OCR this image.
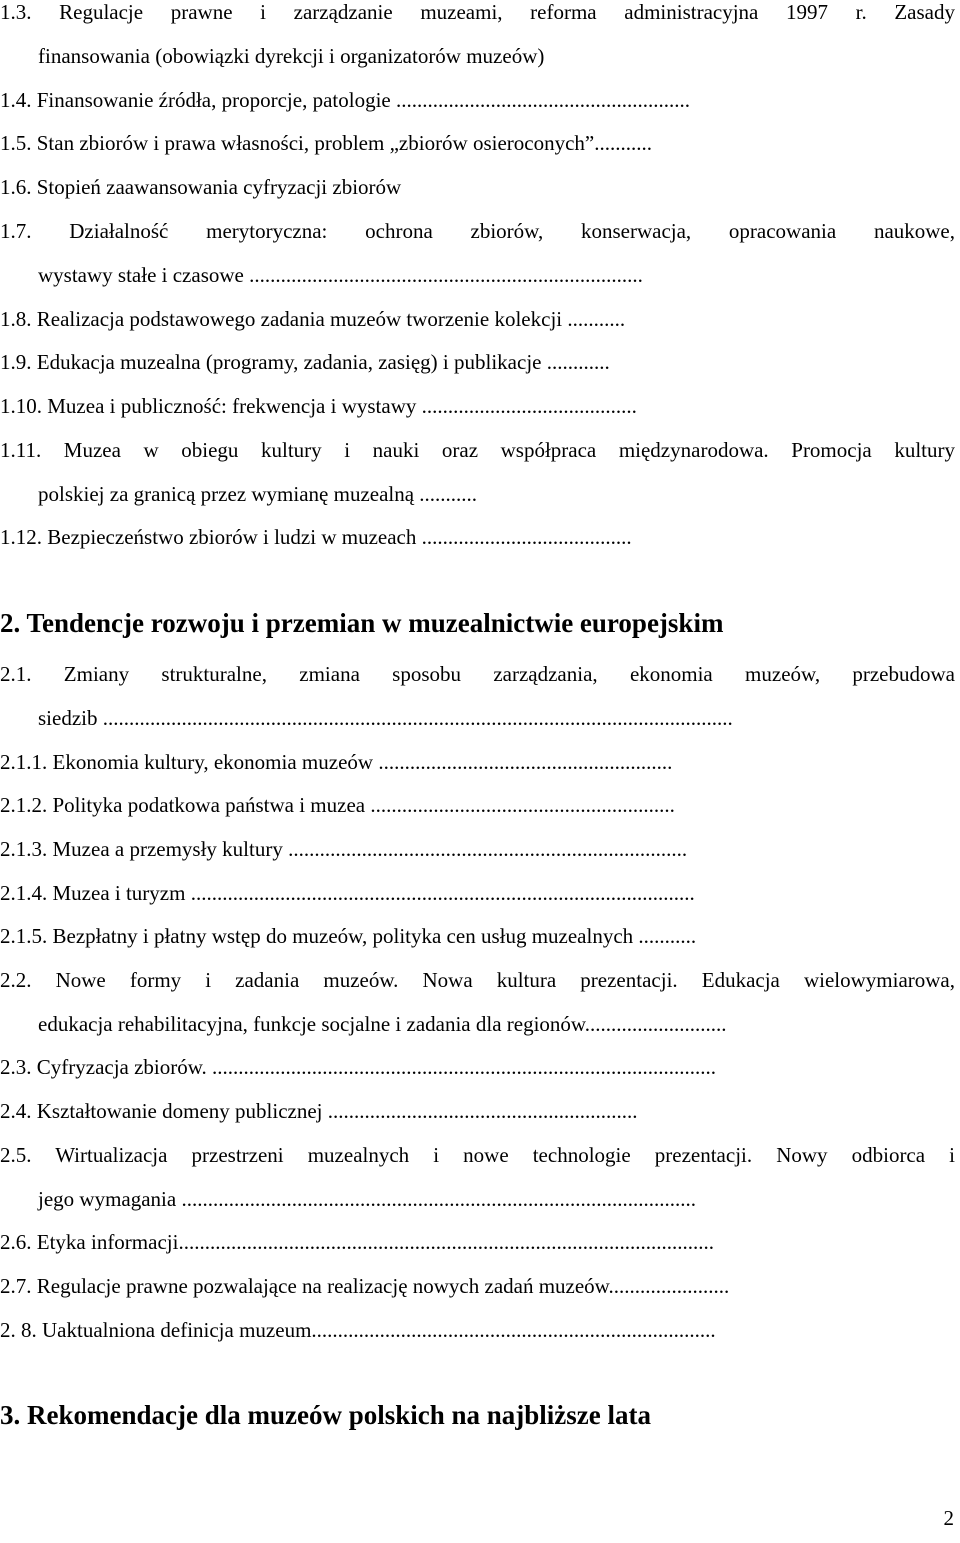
1.3. Regulacje prawne i zarządzanie muzeami, reforma administracyjna 1997 r. Zasady
finansowania (obowiązki dyrekcji i organizatorów muzeów)
1.4. Finansowanie źródła, proporcje, patologie ........................................................
1.5. Stan zbiorów i prawa własności, problem „zbiorów osieroconych”...........
1.6. Stopień zaawansowania cyfryzacji zbiorów
1.7. Działalność merytoryczna: ochrona zbiorów, konserwacja, opracowania naukowe,
wystawy stałe i czasowe ...........................................................................
1.8. Realizacja podstawowego zadania muzeów tworzenie kolekcji ...........
1.9. Edukacja muzealna (programy, zadania, zasięg) i publikacje ............
1.10. Muzea i publiczność: frekwencja i wystawy .........................................
1.11. Muzea w obiegu kultury i nauki oraz współpraca międzynarodowa. Promocja kultury
polskiej za granicą przez wymianę muzealną ...........
1.12. Bezpieczeństwo zbiorów i ludzi w muzeach ........................................
2. Tendencje rozwoju i przemian w muzealnictwie europejskim
2.1. Zmiany strukturalne, zmiana sposobu zarządzania, ekonomia muzeów, przebudowa
siedzib ........................................................................................................................
2.1.1. Ekonomia kultury, ekonomia muzeów ........................................................
2.1.2. Polityka podatkowa państwa i muzea ..........................................................
2.1.3. Muzea a przemysły kultury ............................................................................
2.1.4. Muzea i turyzm ................................................................................................
2.1.5. Bezpłatny i płatny wstęp do muzeów, polityka cen usług muzealnych ...........
2.2. Nowe formy i zadania muzeów. Nowa kultura prezentacji. Edukacja wielowymiarowa,
edukacja rehabilitacyjna, funkcje socjalne i zadania dla regionów...........................
2.3. Cyfryzacja zbiorów. ................................................................................................
2.4. Kształtowanie domeny publicznej ...........................................................
2.5. Wirtualizacja przestrzeni muzealnych i nowe technologie prezentacji. Nowy odbiorca i
jego wymagania ..................................................................................................
2.6. Etyka informacji......................................................................................................
2.7. Regulacje prawne pozwalające na realizację nowych zadań muzeów.......................
2. 8. Uaktualniona definicja muzeum.............................................................................
3. Rekomendacje dla muzeów polskich na najbliższe lata
2
